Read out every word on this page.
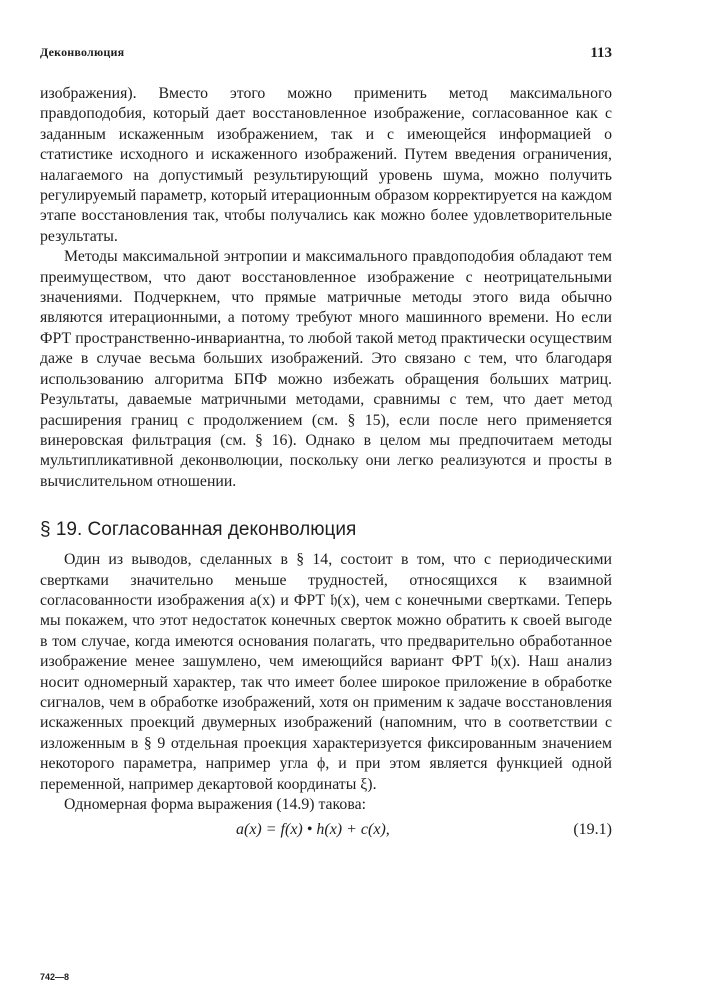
Деконволюция	113

изображения). Вместо этого можно применить метод максимального правдоподобия, который дает восстановленное изображение, согласованное как с заданным искаженным изображением, так и с имеющейся информацией о статистике исходного и искаженного изображений. Путем введения ограничения, налагаемого на допустимый результирующий уровень шума, можно получить регулируемый параметр, который итерационным образом корректируется на каждом этапе восстановления так, чтобы получались как можно более удовлетворительные результаты.

Методы максимальной энтропии и максимального правдоподобия обладают тем преимуществом, что дают восстановленное изображение с неотрицательными значениями. Подчеркнем, что прямые матричные методы этого вида обычно являются итерационными, а потому требуют много машинного времени. Но если ФРТ пространственно-инвариантна, то любой такой метод практически осуществим даже в случае весьма больших изображений. Это связано с тем, что благодаря использованию алгоритма БПФ можно избежать обращения больших матриц. Результаты, даваемые матричными методами, сравнимы с тем, что дает метод расширения границ с продолжением (см. § 15), если после него применяется винеровская фильтрация (см. § 16). Однако в целом мы предпочитаем методы мультипликативной деконволюции, поскольку они легко реализуются и просты в вычислительном отношении.

§ 19. Согласованная деконволюция

Один из выводов, сделанных в § 14, состоит в том, что с периодическими свертками значительно меньше трудностей, относящихся к взаимной согласованности изображения a(x) и ФРТ 𝔥(x), чем с конечными свертками. Теперь мы покажем, что этот недостаток конечных сверток можно обратить к своей выгоде в том случае, когда имеются основания полагать, что предварительно обработанное изображение менее зашумлено, чем имеющийся вариант ФРТ 𝔥(x). Наш анализ носит одномерный характер, так что имеет более широкое приложение в обработке сигналов, чем в обработке изображений, хотя он применим к задаче восстановления искаженных проекций двумерных изображений (напомним, что в соответствии с изложенным в § 9 отдельная проекция характеризуется фиксированным значением некоторого параметра, например угла ϕ, и при этом является функцией одной переменной, например декартовой координаты ξ).

Одномерная форма выражения (14.9) такова:

a(x) = f(x) • h(x) + c(x),	(19.1)
742—8
